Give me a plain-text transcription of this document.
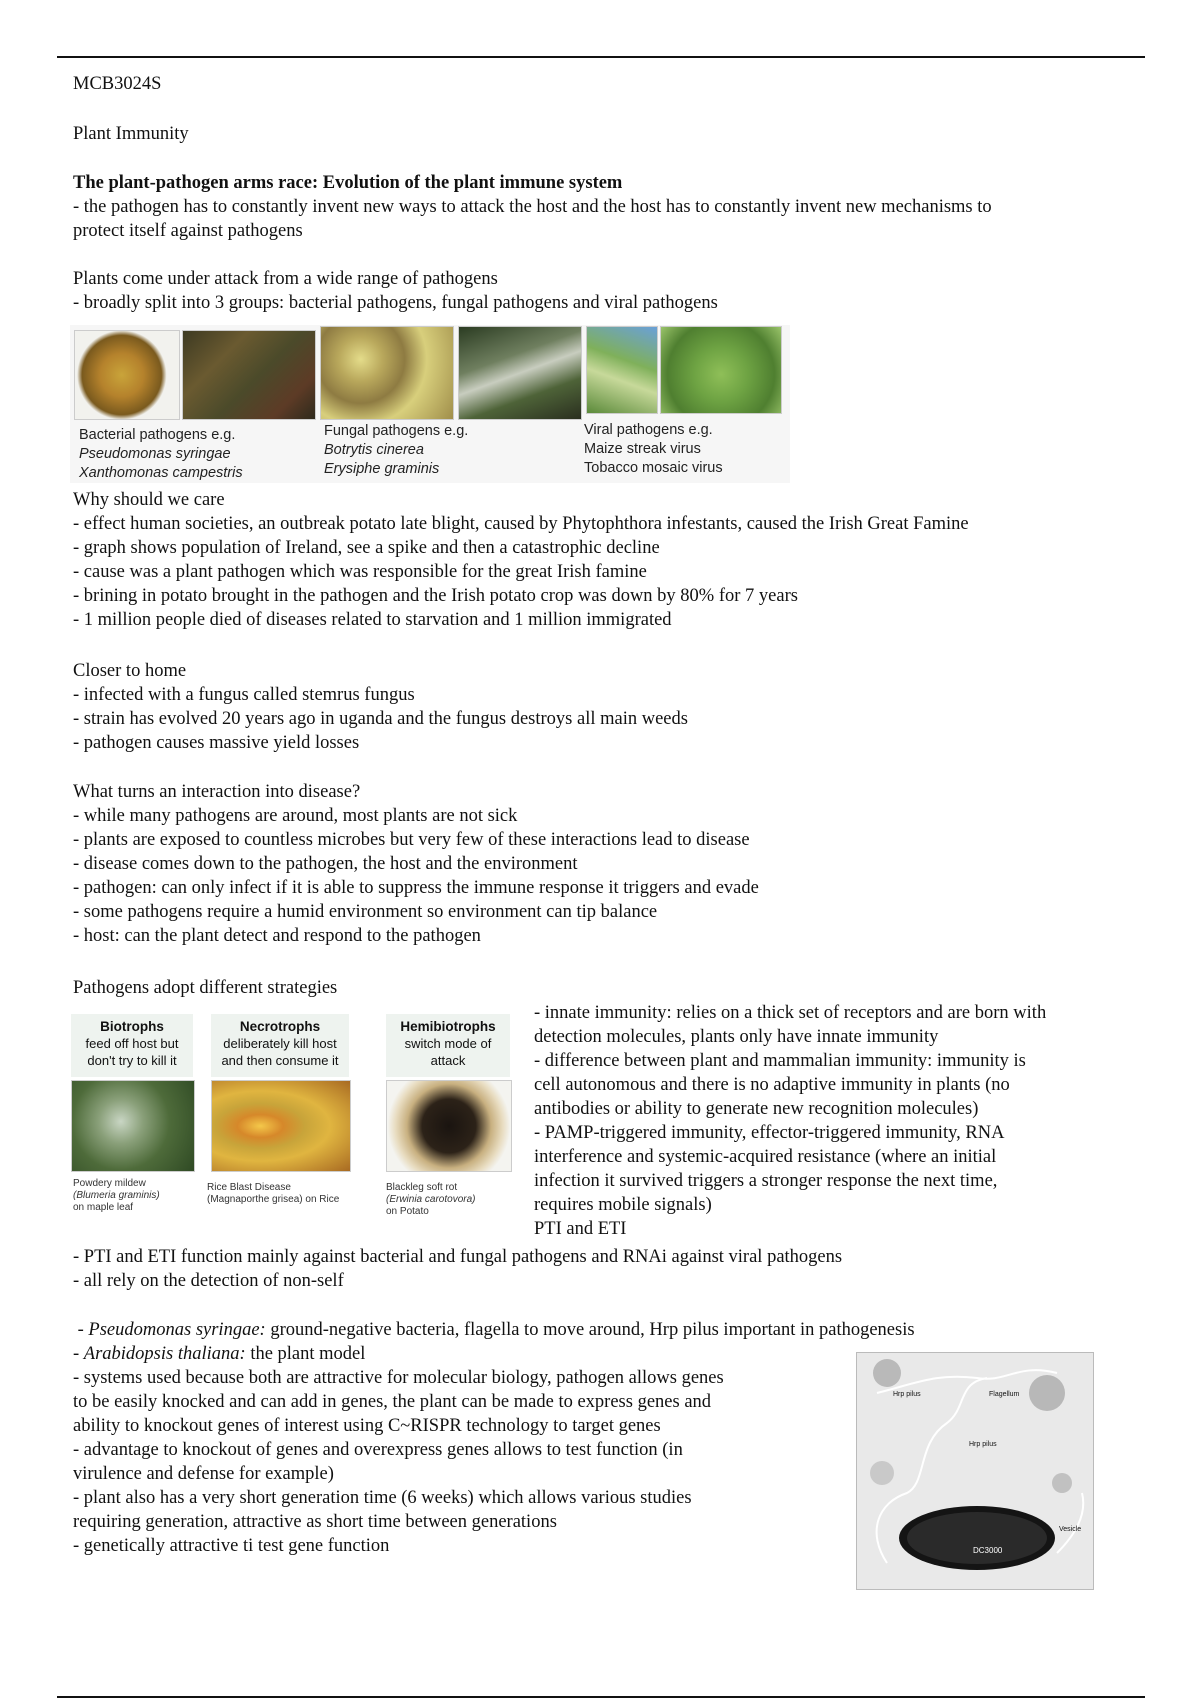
MCB3024S

Plant Immunity

The plant-pathogen arms race: Evolution of the plant immune system

- the pathogen has to constantly invent new ways to attack the host and the host has to constantly invent new mechanisms to

protect itself against pathogens

Plants come under attack from a wide range of pathogens

- broadly split into 3 groups: bacterial pathogens, fungal pathogens and viral pathogens

Bacterial pathogens e.g.
Pseudomonas syringae
Xanthomonas campestris
Fungal pathogens e.g.
Botrytis cinerea
Erysiphe graminis
Viral pathogens e.g.
Maize streak virus
Tobacco mosaic virus

Why should we care

- effect human societies, an outbreak potato late blight, caused by Phytophthora infestants, caused the Irish Great Famine

- graph shows population of Ireland, see a spike and then a catastrophic decline

- cause was a plant pathogen which was responsible for the great Irish famine

- brining in potato brought in the pathogen and the Irish potato crop was down by 80% for 7 years

- 1 million people died of diseases related to starvation and 1 million immigrated

Closer to home

- infected with a fungus called stemrus fungus

- strain has evolved 20 years ago in uganda and the fungus destroys all main weeds

- pathogen causes massive yield losses

What turns an interaction into disease?

- while many pathogens are around, most plants are not sick

- plants are exposed to countless microbes but very few of these interactions lead to disease

- disease comes down to the pathogen, the host and the environment

- pathogen: can only infect if it is able to suppress the immune response it triggers and evade

- some pathogens require a humid environment so environment can tip balance

- host: can the plant detect and respond to the pathogen

Pathogens adopt different strategies

Biotrophs
feed off host but
don't try to kill it
Necrotrophs
deliberately kill host
and then consume it
Hemibiotrophs
switch mode of
attack
Powdery mildew
(Blumeria graminis)
on maple leaf
Rice Blast Disease
(Magnaporthe grisea) on Rice
Blackleg soft rot
(Erwinia carotovora)
on Potato

- innate immunity: relies on a thick set of receptors and are born with

detection molecules, plants only have innate immunity

- difference between plant and mammalian immunity: immunity is

cell autonomous and there is no adaptive immunity in plants (no

antibodies or ability to generate new recognition molecules)

- PAMP-triggered immunity, effector-triggered immunity, RNA

interference and systemic-acquired resistance (where an initial

infection it survived triggers a stronger response the next time,

requires mobile signals)

PTI and ETI

- PTI and ETI function mainly against bacterial and fungal pathogens and RNAi against viral pathogens

- all rely on the detection of non-self

- Pseudomonas syringae: ground-negative bacteria, flagella to move around, Hrp pilus important in pathogenesis

- Arabidopsis thaliana: the plant model

- systems used because both are attractive for molecular biology, pathogen allows genes

to be easily knocked and can add in genes, the plant can be made to express genes and

ability to knockout genes of interest using C~RISPR technology to target genes

- advantage to knockout of genes and overexpress genes allows to test function (in

virulence and defense for example)

- plant also has a very short generation time (6 weeks) which allows various studies

requiring generation, attractive as short time between generations

- genetically attractive ti test gene function

Hrp pilus	Flagellum
Hrp pilus
Vesicle
DC3000
